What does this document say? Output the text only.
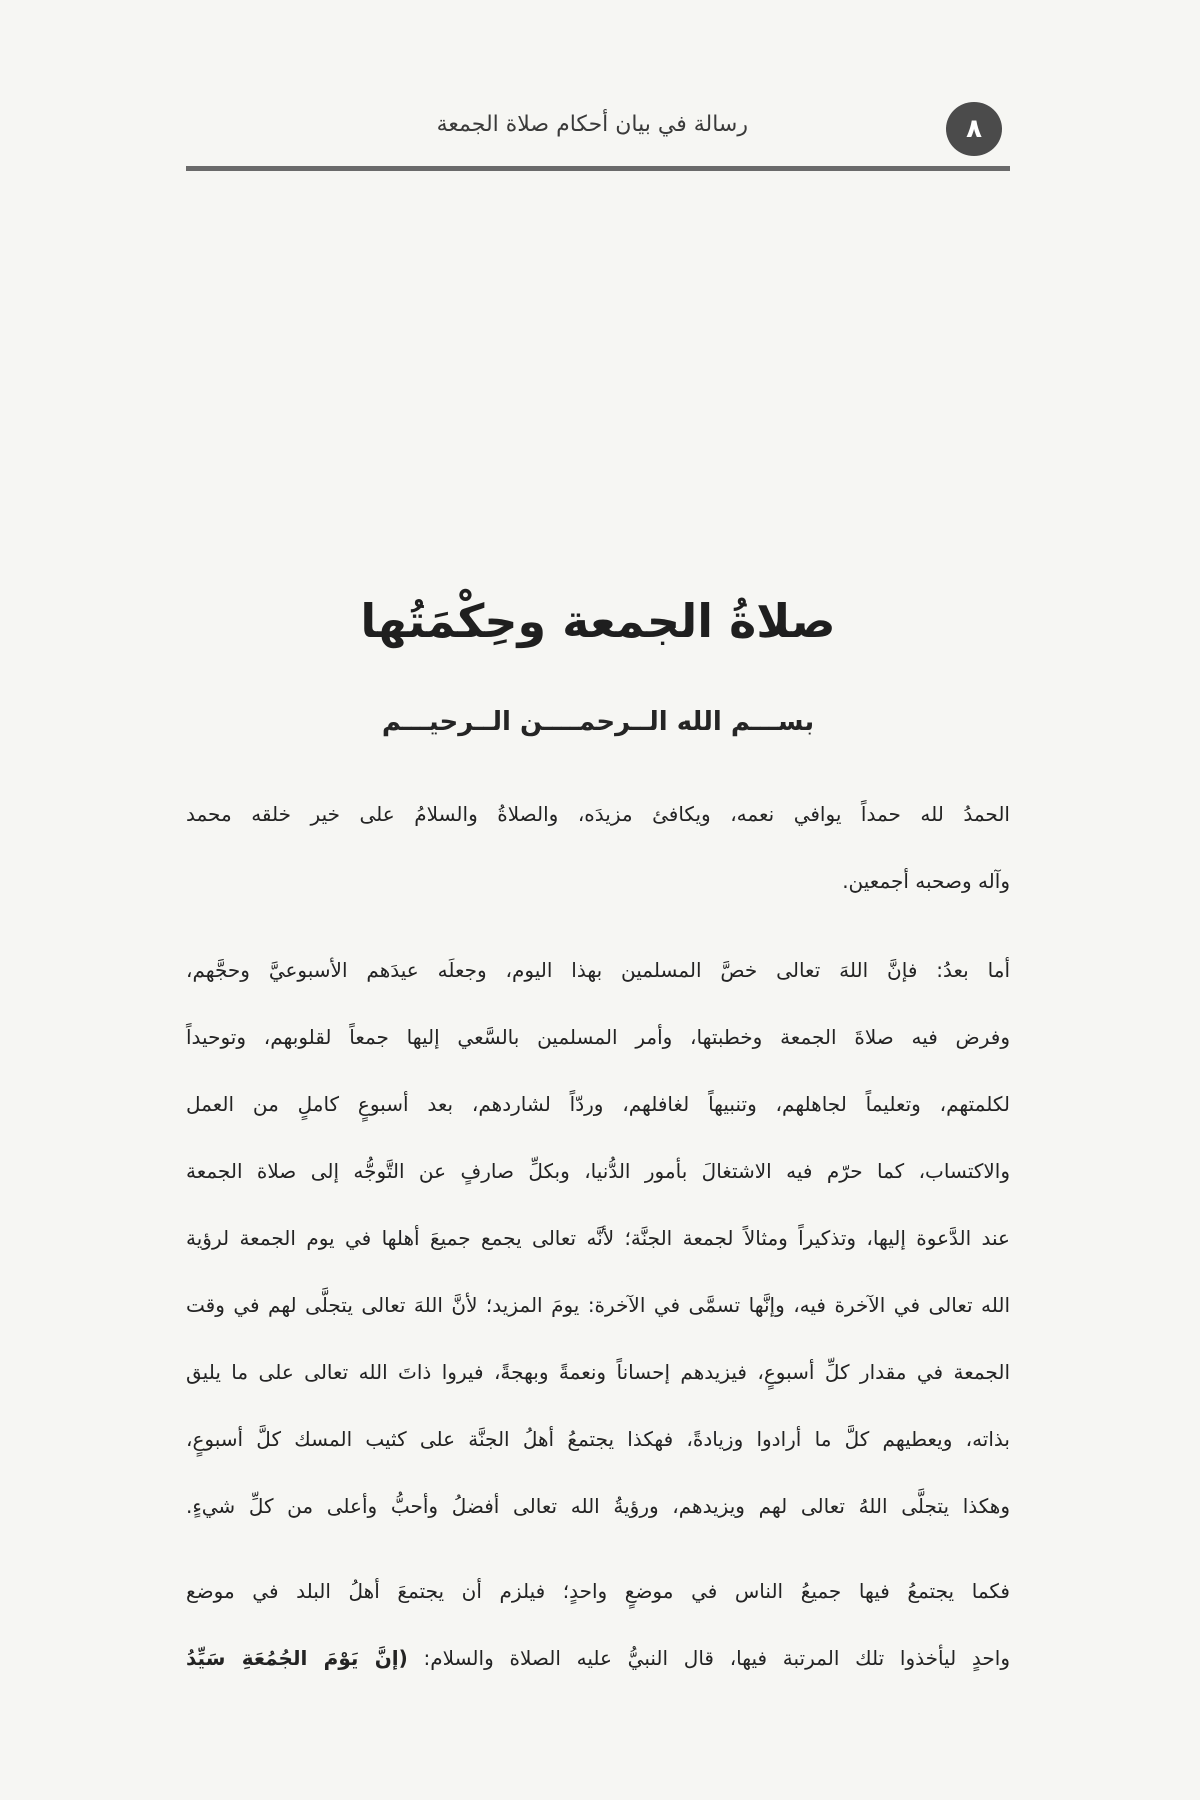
٨
رسالة في بيان أحكام صلاة الجمعة
صلاةُ الجمعة وحِكْمَتُها
بســـم الله الــرحمــــن الــرحيـــم
الحمدُ لله حمداً يوافي نعمه، ويكافئ مزيدَه، والصلاةُ والسلامُ على خير خلقه محمد
وآله وصحبه أجمعين.
أما بعدُ: فإنَّ اللهَ تعالى خصَّ المسلمين بهذا اليوم، وجعلَه عيدَهم الأسبوعيَّ وحجَّهم،
وفرض فيه صلاةَ الجمعة وخطبتها، وأمر المسلمين بالسَّعي إليها جمعاً لقلوبهم، وتوحيداً
لكلمتهم، وتعليماً لجاهلهم، وتنبيهاً لغافلهم، وردّاً لشاردهم، بعد أسبوعٍ كاملٍ من العمل
والاكتساب، كما حرّم فيه الاشتغالَ بأمور الدُّنيا، وبكلِّ صارفٍ عن التَّوجُّه إلى صلاة الجمعة
عند الدَّعوة إليها، وتذكيراً ومثالاً لجمعة الجنَّة؛ لأنَّه تعالى يجمع جميعَ أهلها في يوم الجمعة لرؤية
الله تعالى في الآخرة فيه، وإنَّها تسمَّى في الآخرة: يومَ المزيد؛ لأنَّ اللهَ تعالى يتجلَّى لهم في وقت
الجمعة في مقدار كلِّ أسبوعٍ، فيزيدهم إحساناً ونعمةً وبهجةً، فيروا ذاتَ الله تعالى على ما يليق
بذاته، ويعطيهم كلَّ ما أرادوا وزيادةً، فهكذا يجتمعُ أهلُ الجنَّة على كثيب المسك كلَّ أسبوعٍ،
وهكذا يتجلَّى اللهُ تعالى لهم ويزيدهم، ورؤيةُ الله تعالى أفضلُ وأحبُّ وأعلى من كلِّ شيءٍ.
فكما يجتمعُ فيها جميعُ الناس في موضعٍ واحدٍ؛ فيلزم أن يجتمعَ أهلُ البلد في موضع
واحدٍ ليأخذوا تلك المرتبة فيها، قال النبيُّ عليه الصلاة والسلام: (إنَّ يَوْمَ الجُمُعَةِ سَيِّدُ
